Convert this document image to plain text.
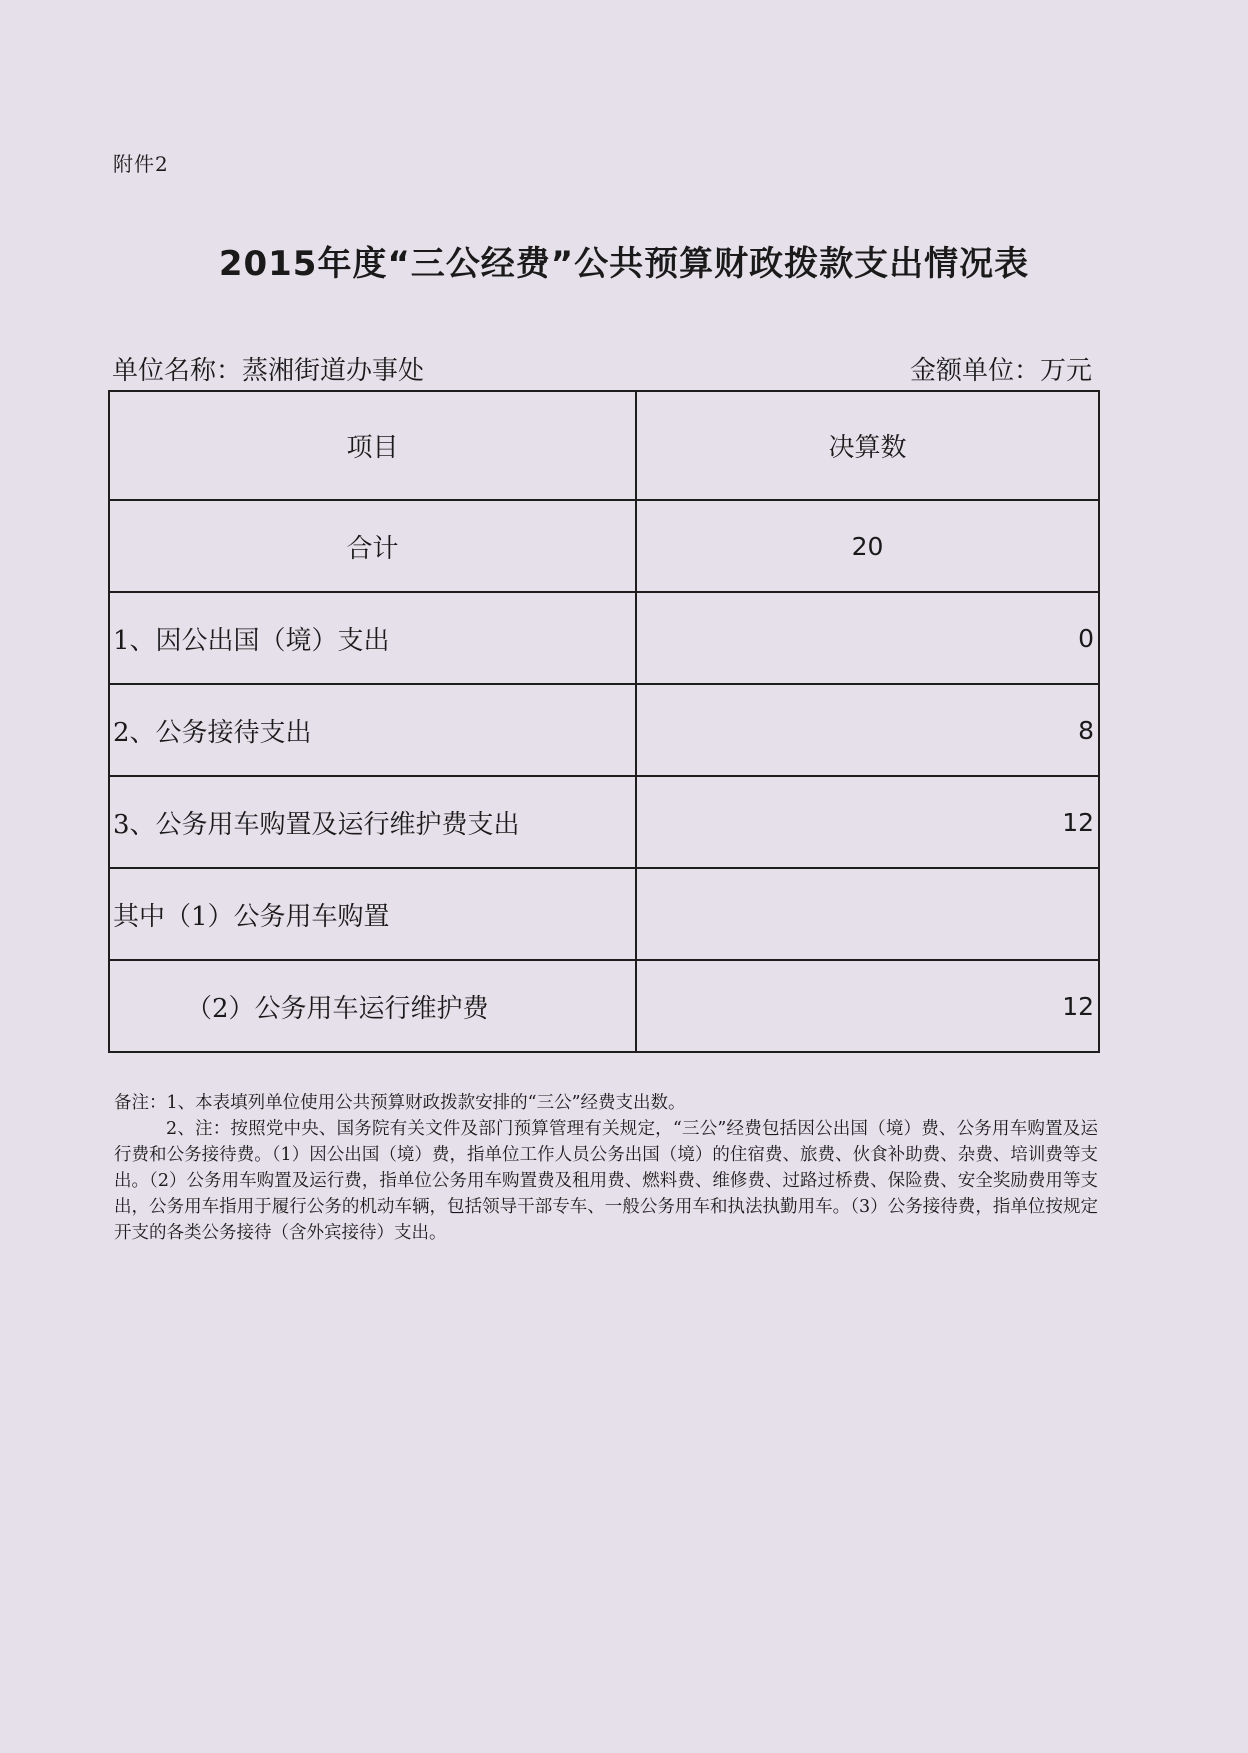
附件2
2015年度“三公经费”公共预算财政拨款支出情况表
单位名称：蒸湘街道办事处	金额单位：万元
项目	决算数
合计	20
1、因公出国（境）支出	0
2、公务接待支出	8
3、公务用车购置及运行维护费支出	12
其中（1）公务用车购置	
（2）公务用车运行维护费	12

备注：1、本表填列单位使用公共预算财政拨款安排的“三公”经费支出数。

2、注：按照党中央、国务院有关文件及部门预算管理有关规定，“三公”经费包括因公出国（境）费、公务用车购置及运行费和公务接待费。（1）因公出国（境）费，指单位工作人员公务出国（境）的住宿费、旅费、伙食补助费、杂费、培训费等支出。（2）公务用车购置及运行费，指单位公务用车购置费及租用费、燃料费、维修费、过路过桥费、保险费、安全奖励费用等支出，公务用车指用于履行公务的机动车辆，包括领导干部专车、一般公务用车和执法执勤用车。（3）公务接待费，指单位按规定开支的各类公务接待（含外宾接待）支出。
